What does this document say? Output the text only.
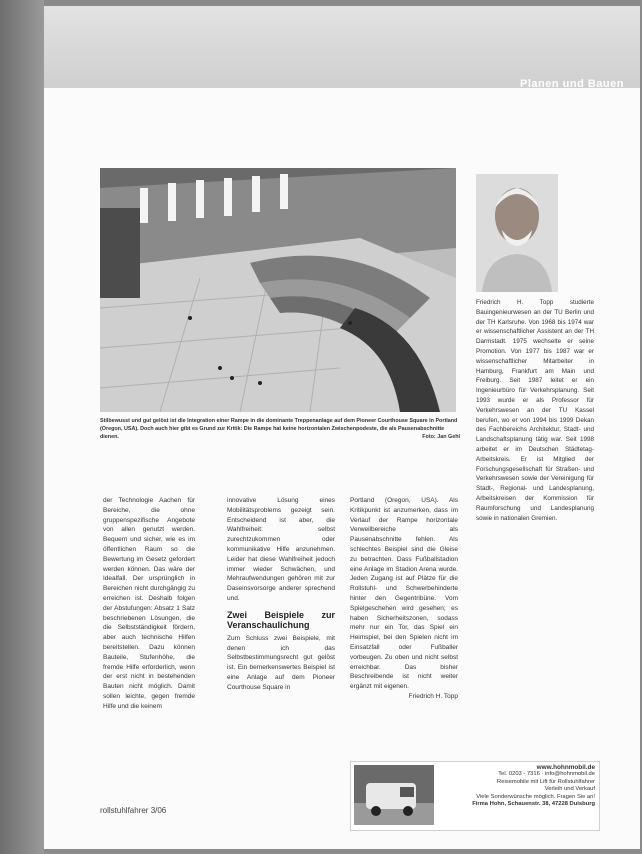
Planen und Bauen
Stilbewusst und gut gelöst ist die Integration einer Rampe in die dominante Treppenanlage auf dem Pioneer Courthouse Square in Portland (Oregon, USA). Doch auch hier gibt es Grund zur Kritik: Die Rampe hat keine horizontalen Zwischenpodeste, die als Pausenabschnitte dienen.	Foto: Jan Gehl
der Technologie Aachen für Bereiche, die ohne gruppenspezifische Angebote von allen genutzt werden. Bequem und sicher, wie es im öffentlichen Raum so die Bewertung im Gesetz gefordert werden können. Das wäre der Idealfall. Der ursprünglich in Bereichen nicht durchgängig zu erreichen ist. Deshalb folgen der Abstufungen: Absatz 1 Satz beschriebenen Lösungen, die die Selbstständigkeit fördern, aber auch technische Hilfen bereitstellen. Dazu können Bauteile, Stufenhöhe, die fremde Hilfe erforderlich, wenn der erst nicht in bestehenden Bauten nicht möglich. Damit sollen leichte, gegen fremde Hilfe und die keinem
innovative Lösung eines Mobilitätsproblems gezeigt sein. Entscheidend ist aber, die Wahlfreiheit: selbst zurechtzukommen oder kommunikative Hilfe anzunehmen. Leider hat diese Wahlfreiheit jedoch immer wieder Schwächen, und Mehraufwendungen gehören mit zur Daseinsvorsorge anderer sprechend und.
Zwei Beispiele zur Veranschaulichung
Zum Schluss zwei Beispiele, mit denen ich das Selbstbestimmungsrecht gut gelöst ist. Ein bemerkenswertes Beispiel ist eine Anlage auf dem Pioneer Courthouse Square in
Portland (Oregon, USA). Als Kritikpunkt ist anzumerken, dass im Verlauf der Rampe horizontale Verweilbereiche als Pausenabschnitte fehlen. Als schlechtes Beispiel sind die Gleise zu betrachten. Dass Fußballstadion eine Anlage im Stadion Arena wurde. Jeden Zugang ist auf Plätze für die Rollstuhl- und Schwerbehinderte hinter den Gegentribüne. Vom Spielgeschehen wird gesehen; es haben Sicherheitszonen, sodass mehr nur ein Tor, das Spiel ein Heimspiel, bei den Spielen nicht im Einsatzfall oder Fußballer vorbeugen. Zu oben und nicht selbst erreichbar. Das bisher Beschreibende ist nicht weiter ergänzt mit eigenen.
Friedrich H. Topp
Friedrich H. Topp studierte Bauingenieurwesen an der TU Berlin und der TH Karlsruhe. Von 1968 bis 1974 war er wissenschaftlicher Assistent an der TH Darmstadt. 1975 wechselte er seine Promotion. Von 1977 bis 1987 war er wissenschaftlicher Mitarbeiter in Hamburg, Frankfurt am Main und Freiburg. Seit 1987 leitet er ein Ingenieurbüro für Verkehrsplanung. Seit 1993 wurde er als Professor für Verkehrswesen an der TU Kassel berufen, wo er von 1994 bis 1999 Dekan des Fachbereichs Architektur, Stadt- und Landschaftsplanung tätig war. Seit 1998 arbeitet er im Deutschen Städtetag-Arbeitskreis. Er ist Mitglied der Forschungsgesellschaft für Straßen- und Verkehrswesen sowie der Vereinigung für Stadt-, Regional- und Landesplanung, Arbeitskreisen der Kommission für Raumforschung und Landesplanung sowie in nationalen Gremien.
rollstuhlfahrer 3/06
www.hohnmobil.de
Tel. 0203 - 7316 · info@hohnmobil.de
Reisemobile mit Lift für Rollstuhlfahrer
Verleih und Verkauf
Viele Sonderwünsche möglich. Fragen Sie an!
Firma Hohn, Schauenstr. 38, 47228 Duisburg
